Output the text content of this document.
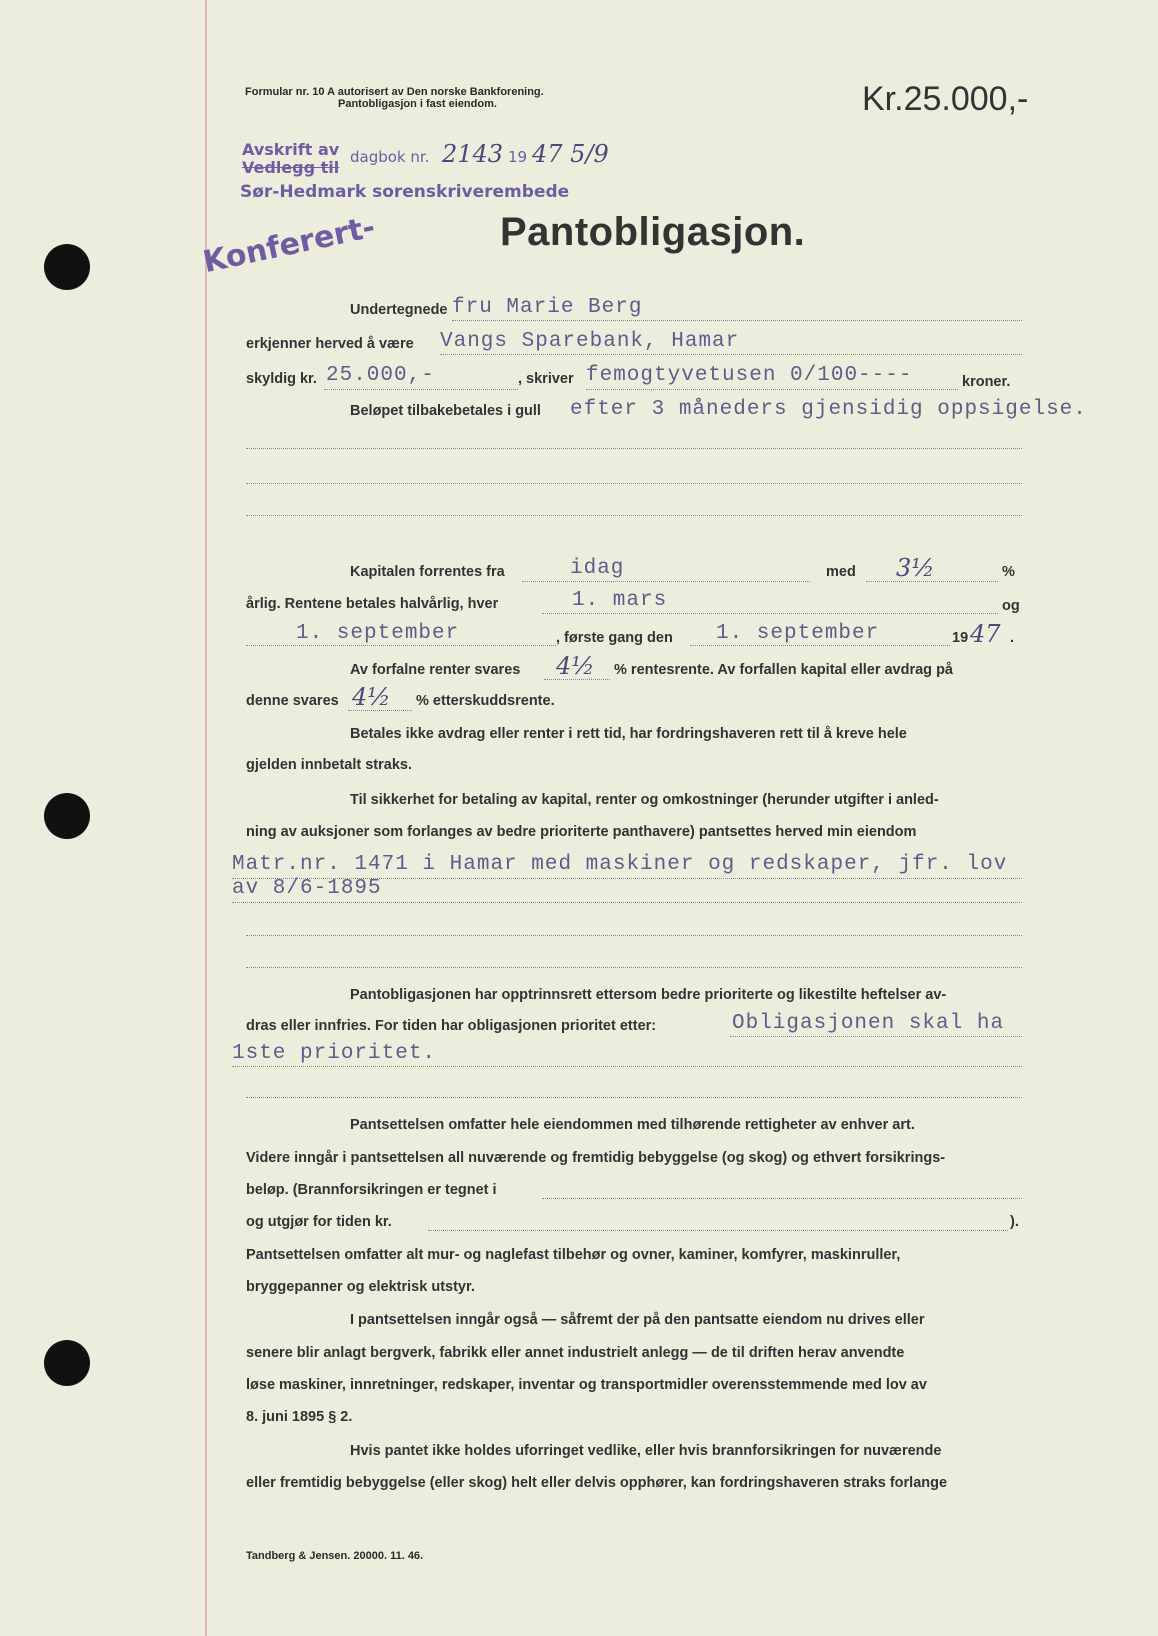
Formular nr. 10 A autorisert av Den norske Bankforening.
Pantobligasjon i fast eiendom.	Kr.25.000,-
Avskrift av
Vedlegg til
dagbok nr. 2143 19 47 5/9
Sør-Hedmark sorenskriverembede
Konferert-	Pantobligasjon.
Undertegnede fru Marie Berg
erkjenner herved å være Vangs Sparebank, Hamar
skyldig kr. 25.000,-	, skriver femogtyvetusen 0/100----	kroner.
Beløpet tilbakebetales i gull efter 3 måneders gjensidig oppsigelse.
Kapitalen forrentes fra	idag	med 3½	%
årlig. Rentene betales halvårlig, hver	1. mars	og
1. september	, første gang den 1. september	19 47 .
Av forfalne renter svares 4½ % rentesrente. Av forfallen kapital eller avdrag på
denne svares 4½ % etterskuddsrente.
Betales ikke avdrag eller renter i rett tid, har fordringshaveren rett til å kreve hele
gjelden innbetalt straks.
Til sikkerhet for betaling av kapital, renter og omkostninger (herunder utgifter i anled-
ning av auksjoner som forlanges av bedre prioriterte panthavere) pantsettes herved min eiendom
Matr.nr. 1471 i Hamar med maskiner og redskaper, jfr. lov
av 8/6-1895
Pantobligasjonen har opptrinnsrett ettersom bedre prioriterte og likestilte heftelser av-
dras eller innfries. For tiden har obligasjonen prioritet etter:	Obligasjonen skal ha
1ste prioritet.
Pantsettelsen omfatter hele eiendommen med tilhørende rettigheter av enhver art.
Videre inngår i pantsettelsen all nuværende og fremtidig bebyggelse (og skog) og ethvert forsikrings-
beløp. (Brannforsikringen er tegnet i
og utgjør for tiden kr.	).
Pantsettelsen omfatter alt mur- og naglefast tilbehør og ovner, kaminer, komfyrer, maskinruller,
bryggepanner og elektrisk utstyr.
I pantsettelsen inngår også — såfremt der på den pantsatte eiendom nu drives eller
senere blir anlagt bergverk, fabrikk eller annet industrielt anlegg — de til driften herav anvendte
løse maskiner, innretninger, redskaper, inventar og transportmidler overensstemmende med lov av
8. juni 1895 § 2.
Hvis pantet ikke holdes uforringet vedlike, eller hvis brannforsikringen for nuværende
eller fremtidig bebyggelse (eller skog) helt eller delvis opphører, kan fordringshaveren straks forlange
Tandberg & Jensen. 20000. 11. 46.
